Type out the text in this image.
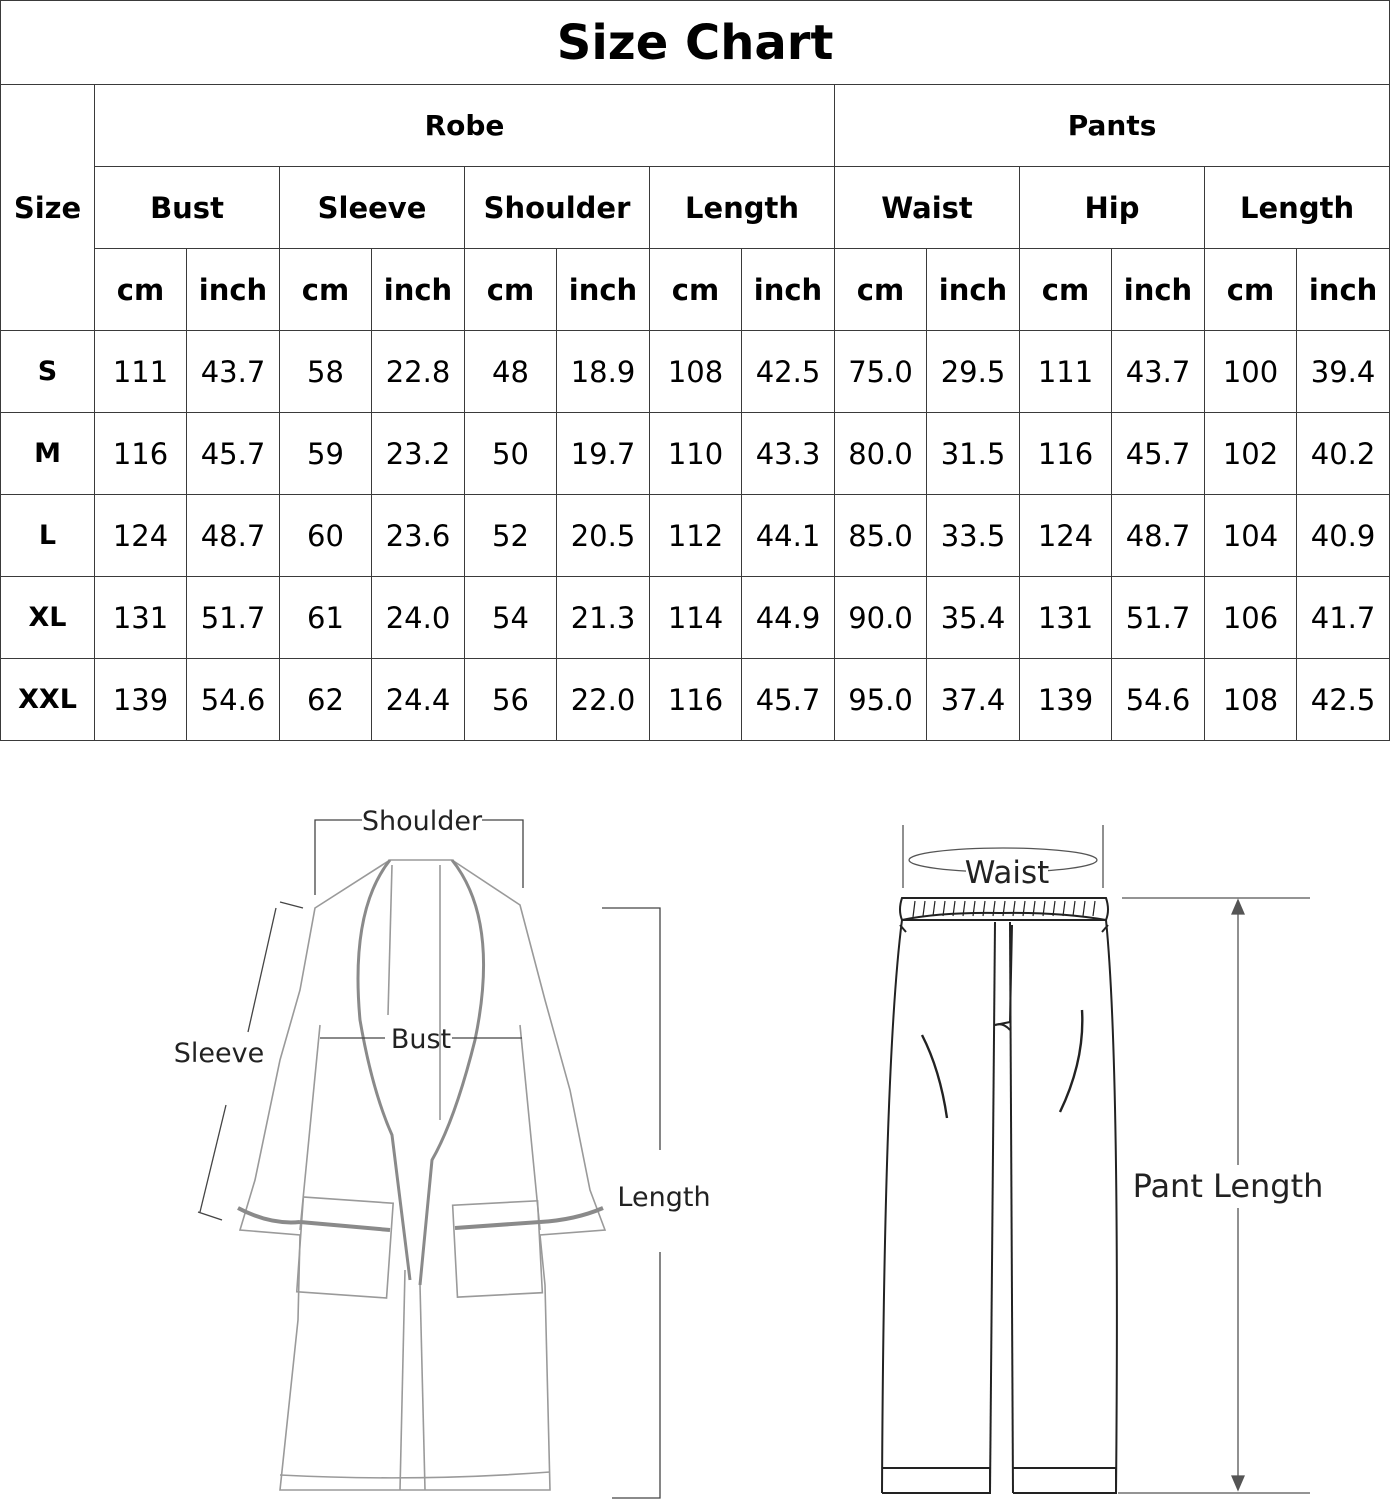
Size Chart														
Size	Robe								Pants					
	Bust		Sleeve		Shoulder		Length		Waist		Hip		Length	
	cm	inch	cm	inch	cm	inch	cm	inch	cm	inch	cm	inch	cm	inch
S	111	43.7	58	22.8	48	18.9	108	42.5	75.0	29.5	111	43.7	100	39.4
M	116	45.7	59	23.2	50	19.7	110	43.3	80.0	31.5	116	45.7	102	40.2
L	124	48.7	60	23.6	52	20.5	112	44.1	85.0	33.5	124	48.7	104	40.9
XL	131	51.7	61	24.0	54	21.3	114	44.9	90.0	35.4	131	51.7	106	41.7
XXL	139	54.6	62	24.4	56	22.0	116	45.7	95.0	37.4	139	54.6	108	42.5
Shoulder
Bust
Sleeve
Length
Waist
Pant Length
